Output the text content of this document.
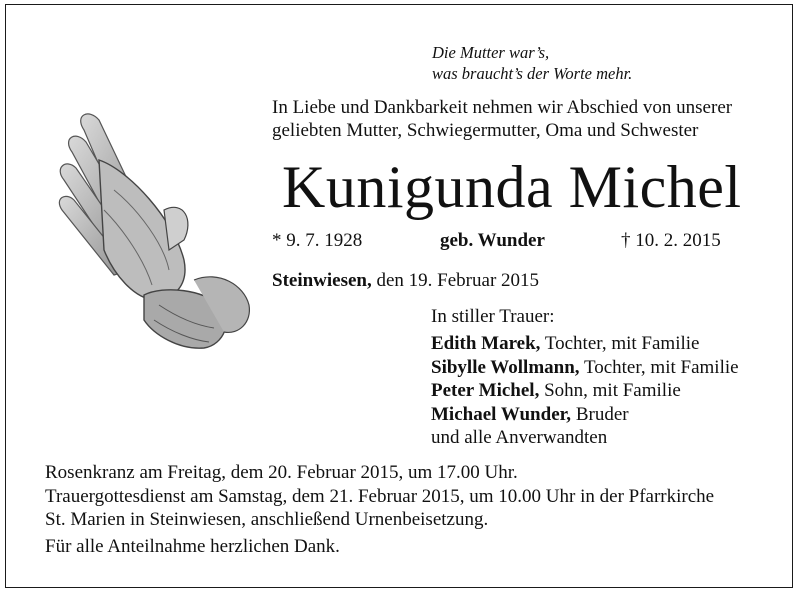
Die Mutter war’s,
was braucht’s der Worte mehr.
In Liebe und Dankbarkeit nehmen wir Abschied von unserer
geliebten Mutter, Schwiegermutter, Oma und Schwester
Kunigunda Michel
* 9. 7. 1928	geb. Wunder	† 10. 2. 2015
Steinwiesen, den 19. Februar 2015
In stiller Trauer:
Edith Marek, Tochter, mit Familie
Sibylle Wollmann, Tochter, mit Familie
Peter Michel, Sohn, mit Familie
Michael Wunder, Bruder
und alle Anverwandten
Rosenkranz am Freitag, dem 20. Februar 2015, um 17.00 Uhr.
Trauergottesdienst am Samstag, dem 21. Februar 2015, um 10.00 Uhr in der Pfarrkirche
St. Marien in Steinwiesen, anschließend Urnenbeisetzung.
Für alle Anteilnahme herzlichen Dank.
